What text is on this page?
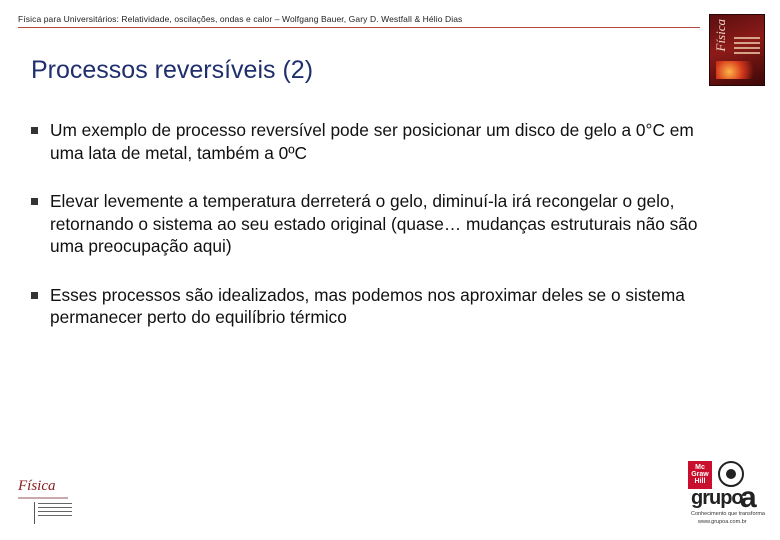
Física para Universitários: Relatividade, oscilações, ondas e calor – Wolfgang Bauer, Gary D. Westfall & Hélio Dias	Física
Processos reversíveis (2)
Um exemplo de processo reversível pode ser posicionar um disco de gelo a 0°C em uma lata de metal, também a 0ºC
Elevar levemente a temperatura derreterá o gelo, diminuí-la irá recongelar o gelo, retornando o sistema ao seu estado original (quase… mudanças estruturais não são uma preocupação aqui)
Esses processos são idealizados, mas podemos nos aproximar deles se o sistema permanecer perto do equilíbrio térmico
Física
Mc Graw Hill
grupo
a
Conhecimento que transforma
www.grupoa.com.br
